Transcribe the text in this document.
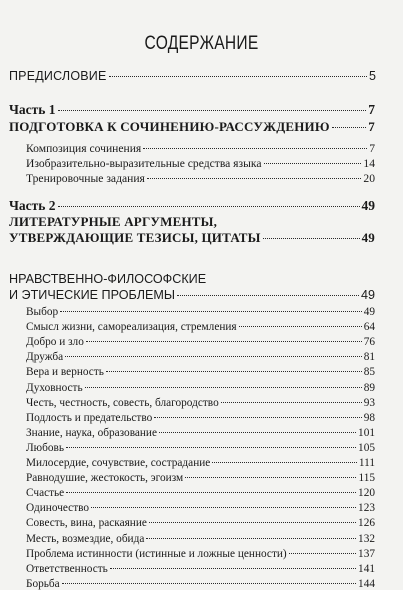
СОДЕРЖАНИЕ
ПРЕДИСЛОВИЕ	5
Часть 1	7
ПОДГОТОВКА К СОЧИНЕНИЮ-РАССУЖДЕНИЮ	7
Композиция сочинения	7
Изобразительно-выразительные средства языка	14
Тренировочные задания	20
Часть 2	49
ЛИТЕРАТУРНЫЕ АРГУМЕНТЫ,
УТВЕРЖДАЮЩИЕ ТЕЗИСЫ, ЦИТАТЫ	49
НРАВСТВЕННО-ФИЛОСОФСКИЕ
И ЭТИЧЕСКИЕ ПРОБЛЕМЫ	49
Выбор	49
Смысл жизни, самореализация, стремления	64
Добро и зло	76
Дружба	81
Вера и верность	85
Духовность	89
Честь, честность, совесть, благородство	93
Подлость и предательство	98
Знание, наука, образование	101
Любовь	105
Милосердие, сочувствие, сострадание	111
Равнодушие, жестокость, эгоизм	115
Счастье	120
Одиночество	123
Совесть, вина, раскаяние	126
Месть, возмездие, обида	132
Проблема истинности (истинные и ложные ценности)	137
Ответственность	141
Борьба	144
